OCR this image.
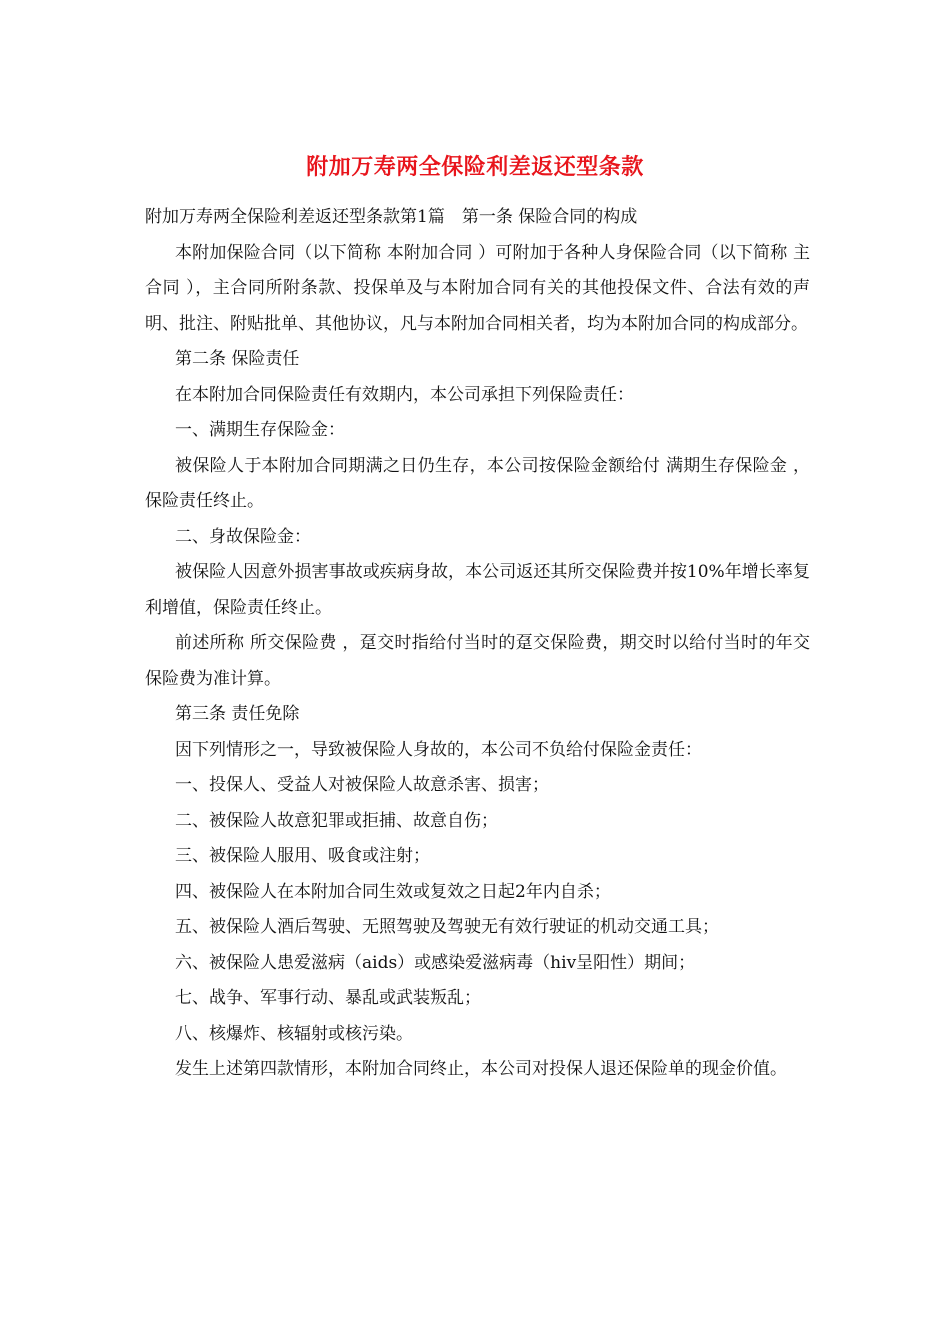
附加万寿两全保险利差返还型条款

附加万寿两全保险利差返还型条款第1篇　第一条 保险合同的构成

本附加保险合同（以下简称 本附加合同 ）可附加于各种人身保险合同（以下简称 主合同 ），主合同所附条款、投保单及与本附加合同有关的其他投保文件、合法有效的声明、批注、附贴批单、其他协议，凡与本附加合同相关者，均为本附加合同的构成部分。

第二条 保险责任

在本附加合同保险责任有效期内，本公司承担下列保险责任：

一、满期生存保险金：

被保险人于本附加合同期满之日仍生存，本公司按保险金额给付 满期生存保险金 ，保险责任终止。

二、身故保险金：

被保险人因意外损害事故或疾病身故，本公司返还其所交保险费并按10%年增长率复利增值，保险责任终止。

前述所称 所交保险费 ，趸交时指给付当时的趸交保险费，期交时以给付当时的年交保险费为准计算。

第三条 责任免除

因下列情形之一，导致被保险人身故的，本公司不负给付保险金责任：

一、投保人、受益人对被保险人故意杀害、损害；

二、被保险人故意犯罪或拒捕、故意自伤；

三、被保险人服用、吸食或注射；

四、被保险人在本附加合同生效或复效之日起2年内自杀；

五、被保险人酒后驾驶、无照驾驶及驾驶无有效行驶证的机动交通工具；

六、被保险人患爱滋病（aids）或感染爱滋病毒（hiv呈阳性）期间；

七、战争、军事行动、暴乱或武装叛乱；

八、核爆炸、核辐射或核污染。

发生上述第四款情形，本附加合同终止，本公司对投保人退还保险单的现金价值。
